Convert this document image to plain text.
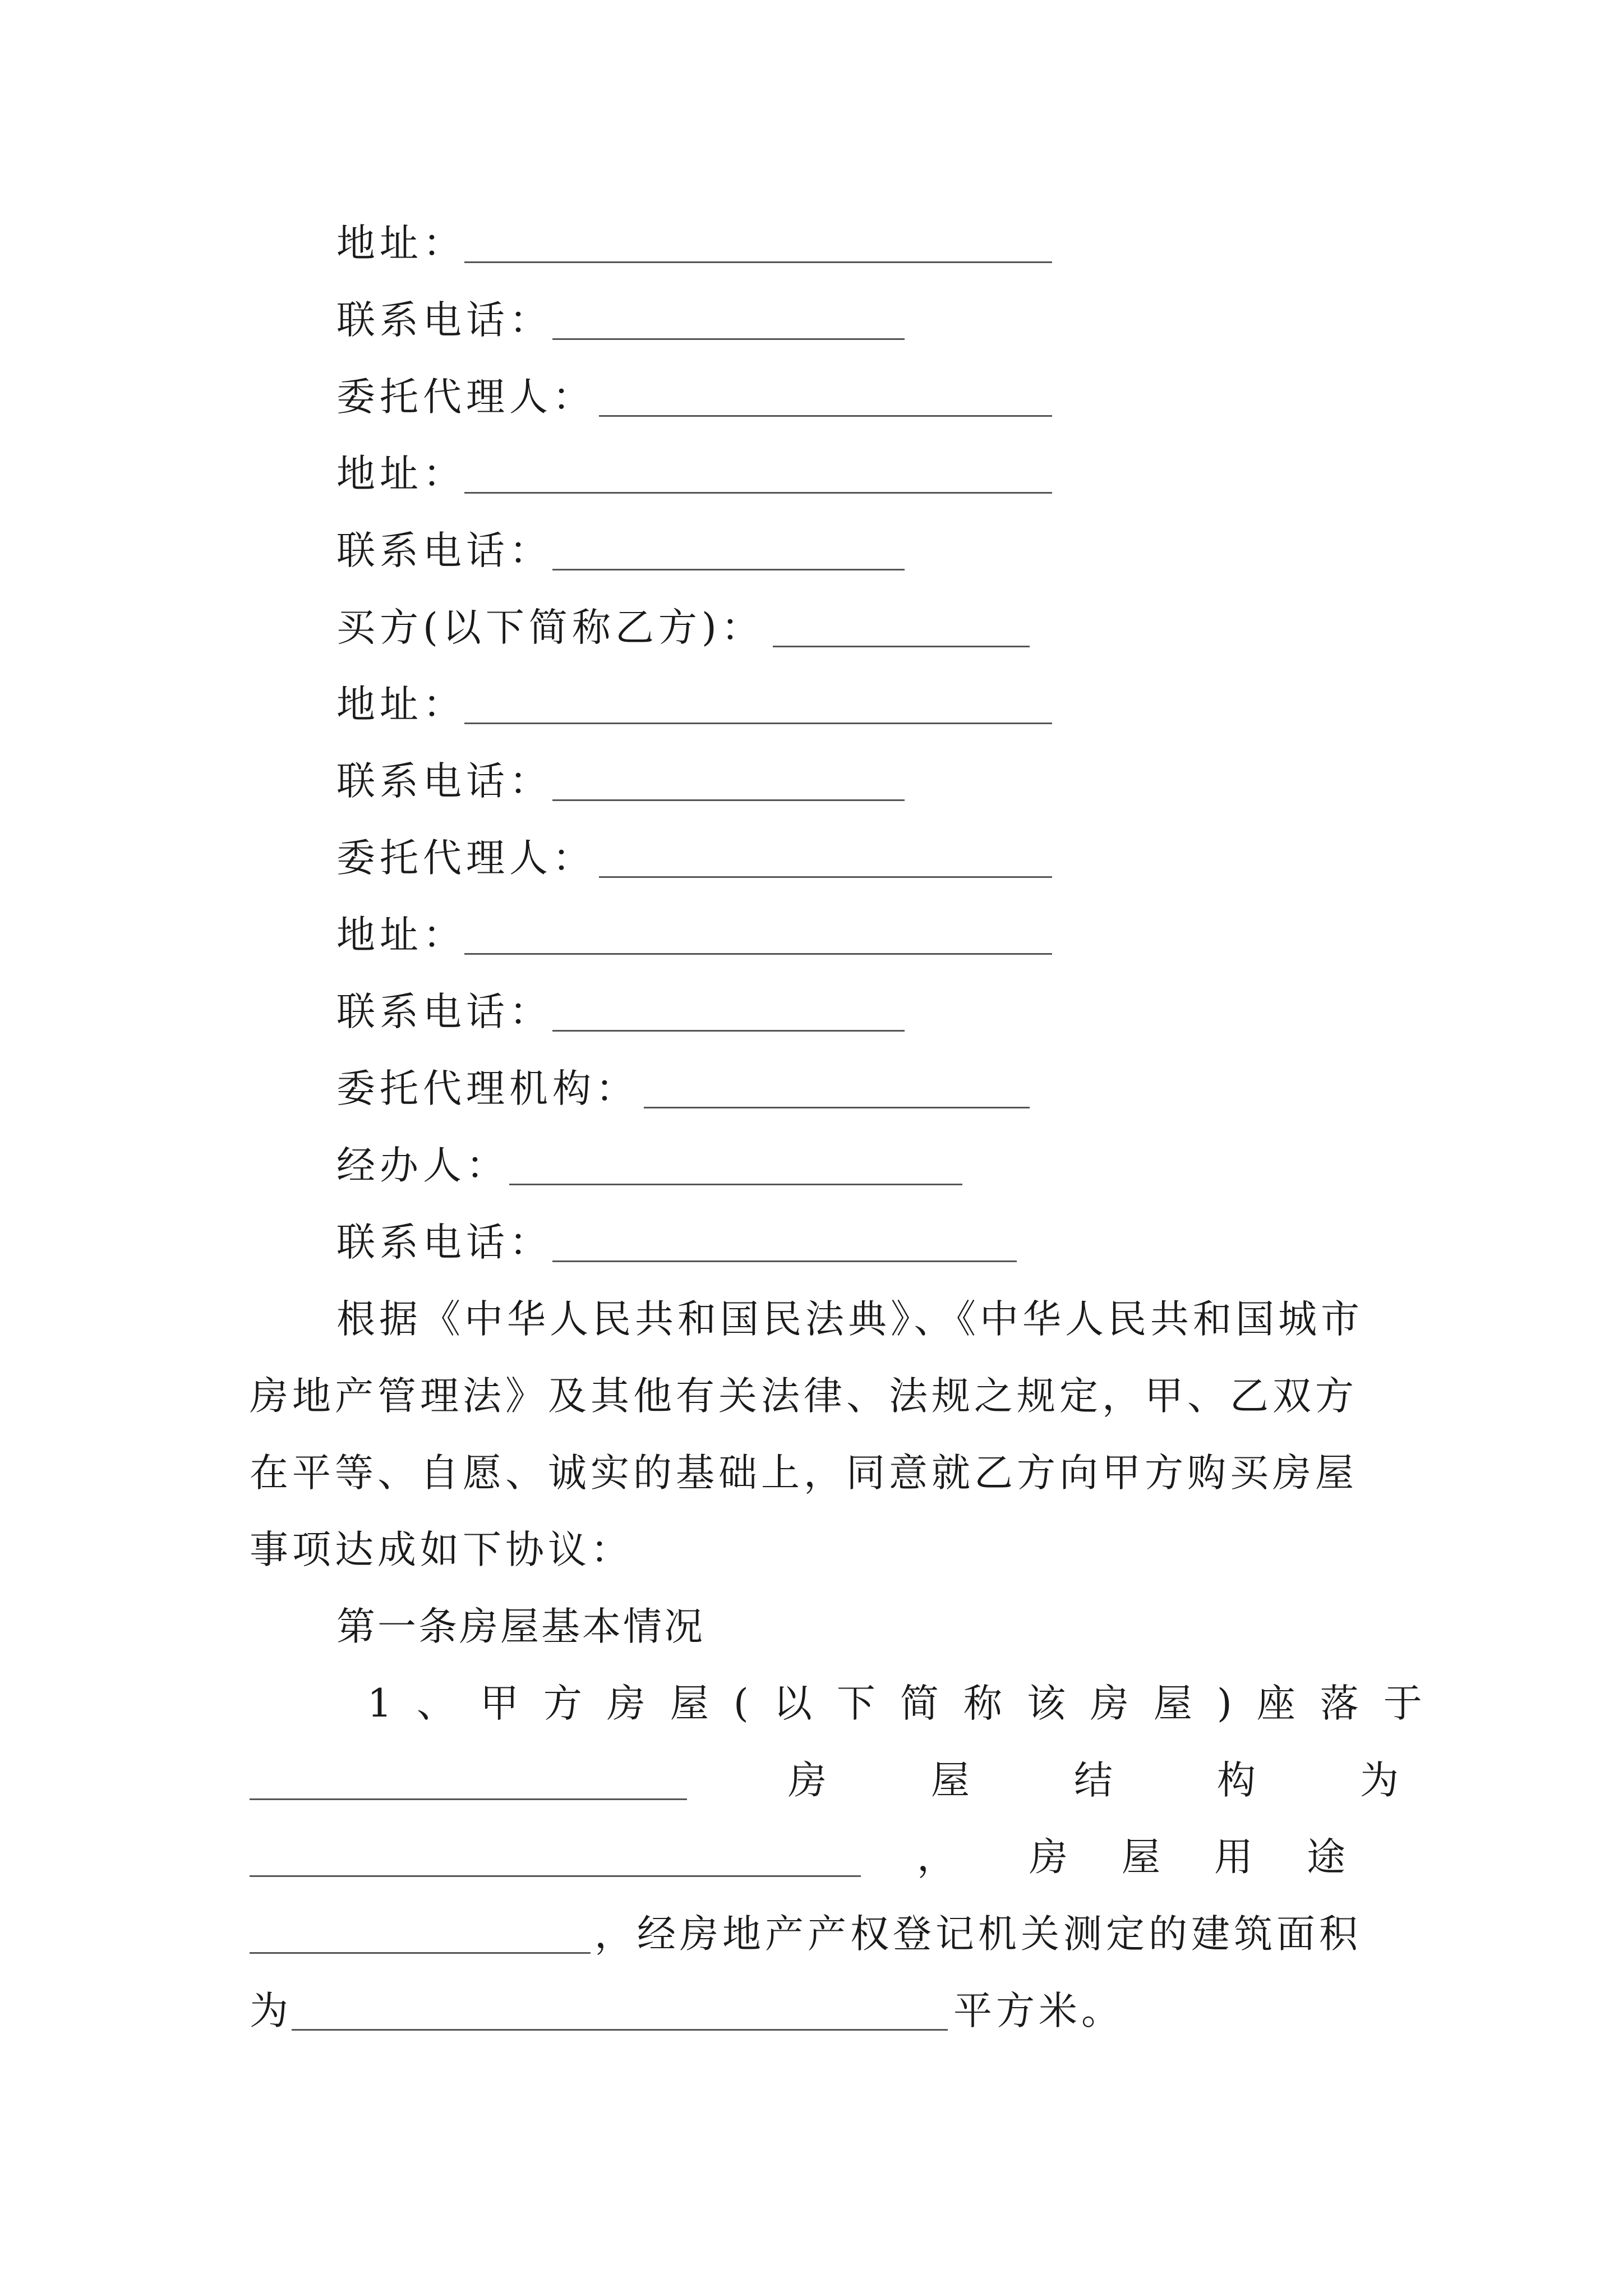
地址：
联系电话：
委托代理人：
地址：
联系电话：
买方(以下简称乙方)：
地址：
联系电话：
委托代理人：
地址：
联系电话：
委托代理机构：
经办人：
联系电话：
根据《中华人民共和国民法典》、《中华人民共和国城市
房地产管理法》及其他有关法律、法规之规定，甲、乙双方
在平等、自愿、诚实的基础上，同意就乙方向甲方购买房屋
事项达成如下协议：
第一条房屋基本情况
1、甲方房屋(以下简称该房屋)座落于
房屋结构为
， 房屋用途
，经房地产产权登记机关测定的建筑面积
为	平方米。
